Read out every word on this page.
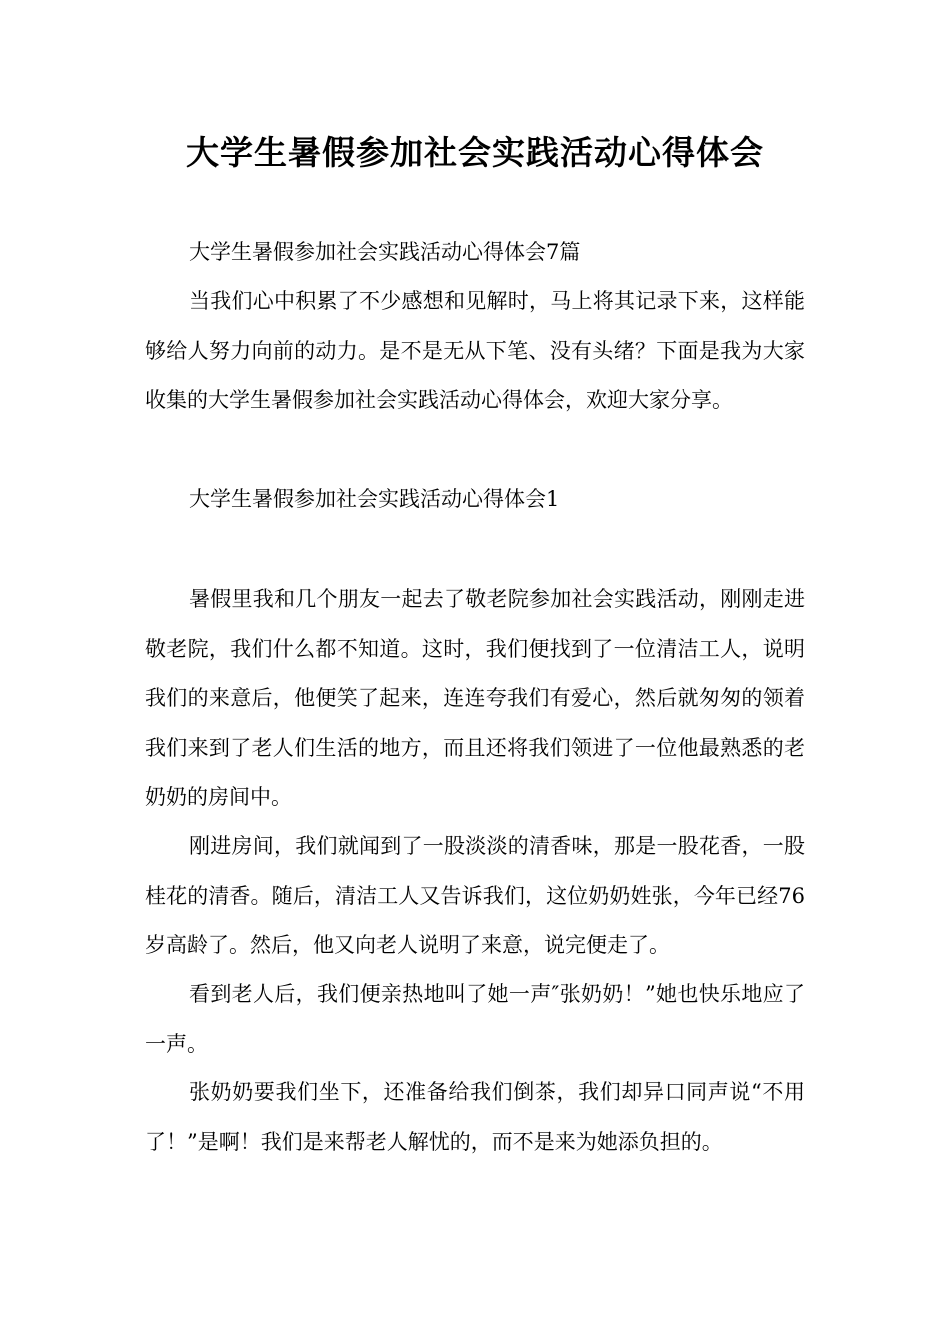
大学生暑假参加社会实践活动心得体会

大学生暑假参加社会实践活动心得体会7篇

当我们心中积累了不少感想和见解时，马上将其记录下来，这样能够给人努力向前的动力。是不是无从下笔、没有头绪？下面是我为大家收集的大学生暑假参加社会实践活动心得体会，欢迎大家分享。

大学生暑假参加社会实践活动心得体会1

暑假里我和几个朋友一起去了敬老院参加社会实践活动，刚刚走进敬老院，我们什么都不知道。这时，我们便找到了一位清洁工人，说明我们的来意后，他便笑了起来，连连夸我们有爱心，然后就匆匆的领着我们来到了老人们生活的地方，而且还将我们领进了一位他最熟悉的老奶奶的房间中。

刚进房间，我们就闻到了一股淡淡的清香味，那是一股花香，一股桂花的清香。随后，清洁工人又告诉我们，这位奶奶姓张，今年已经76岁高龄了。然后，他又向老人说明了来意，说完便走了。

看到老人后，我们便亲热地叫了她一声″张奶奶！”她也快乐地应了一声。

张奶奶要我们坐下，还准备给我们倒茶，我们却异口同声说“不用了！”是啊！我们是来帮老人解忧的，而不是来为她添负担的。
